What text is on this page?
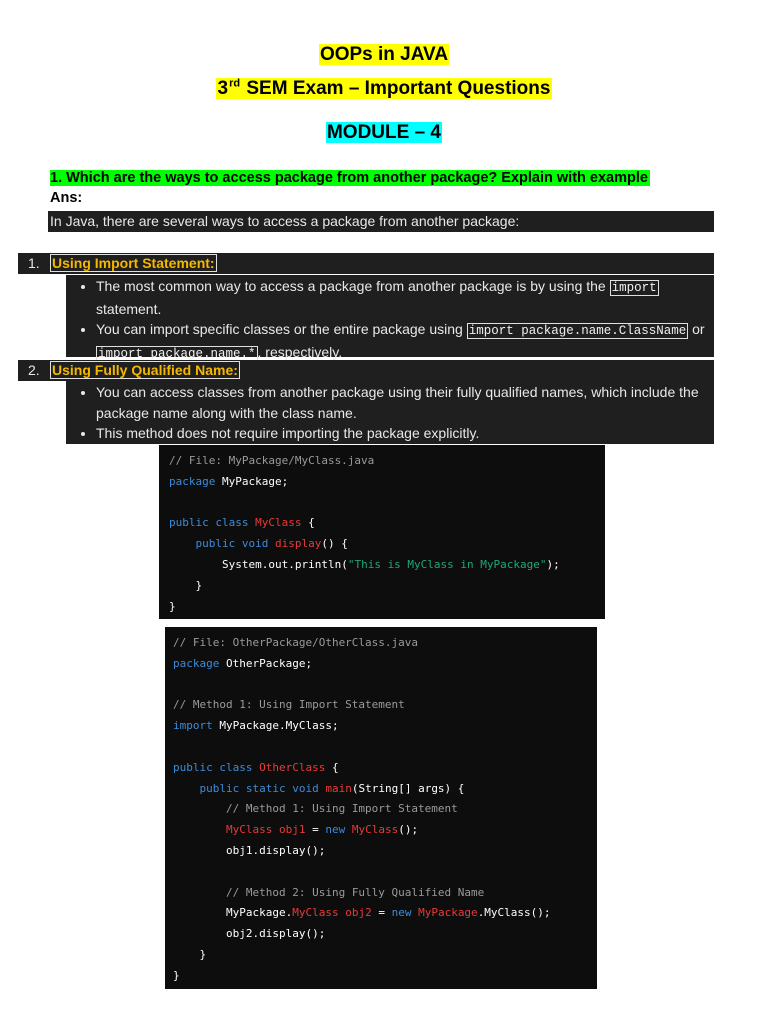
OOPs in JAVA
3rd SEM Exam – Important Questions
MODULE – 4
1. Which are the ways to access package from another package? Explain with example
Ans:
In Java, there are several ways to access a package from another package:
1. Using Import Statement:
• The most common way to access a package from another package is by using the import statement.
• You can import specific classes or the entire package using import package.name.ClassName or import package.name.* , respectively.
2. Using Fully Qualified Name:
• You can access classes from another package using their fully qualified names, which include the package name along with the class name.
• This method does not require importing the package explicitly.
// File: MyPackage/MyClass.java
package MyPackage;

public class MyClass {
public void display() {
System.out.println("This is MyClass in MyPackage");
}
}
// File: OtherPackage/OtherClass.java
package OtherPackage;

// Method 1: Using Import Statement
import MyPackage.MyClass;

public class OtherClass {
public static void main(String[] args) {
// Method 1: Using Import Statement
MyClass obj1 = new MyClass();
obj1.display();

// Method 2: Using Fully Qualified Name
MyPackage.MyClass obj2 = new MyPackage.MyClass();
obj2.display();
}
}
